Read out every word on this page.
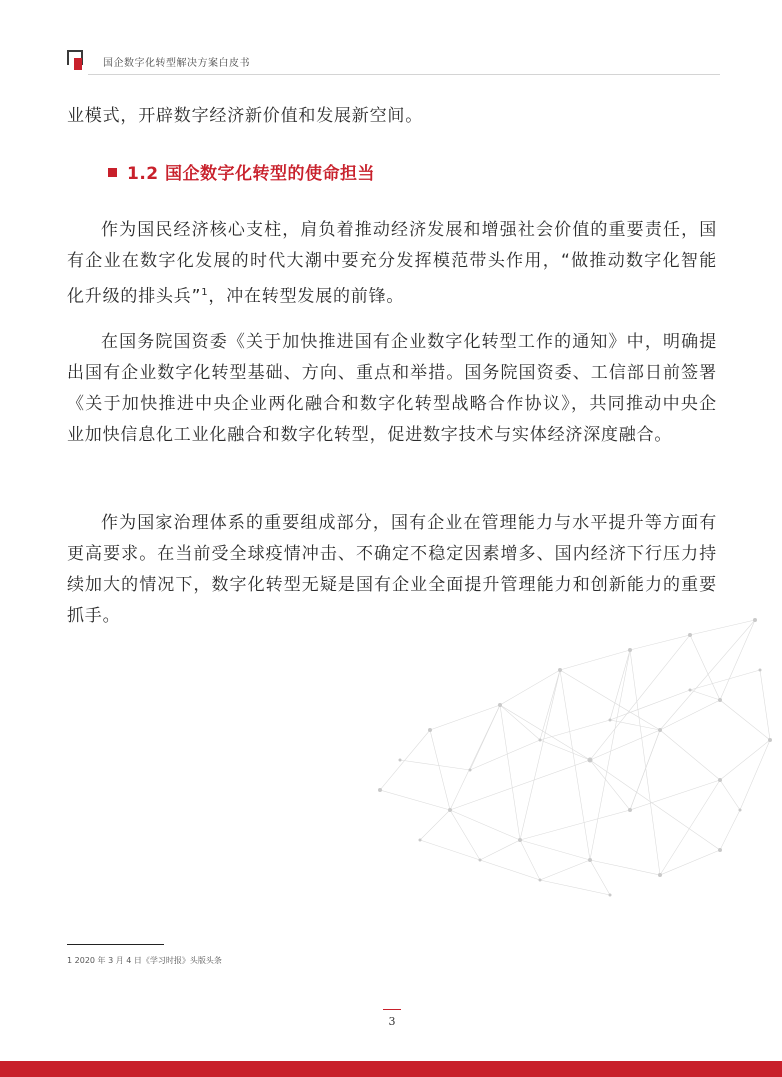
国企数字化转型解决方案白皮书

业模式，开辟数字经济新价值和发展新空间。

1.2 国企数字化转型的使命担当

作为国民经济核心支柱，肩负着推动经济发展和增强社会价值的重要责任，国有企业在数字化发展的时代大潮中要充分发挥模范带头作用，“做推动数字化智能化升级的排头兵”$^1$，冲在转型发展的前锋。

在国务院国资委《关于加快推进国有企业数字化转型工作的通知》中，明确提出国有企业数字化转型基础、方向、重点和举措。国务院国资委、工信部日前签署《关于加快推进中央企业两化融合和数字化转型战略合作协议》，共同推动中央企业加快信息化工业化融合和数字化转型，促进数字技术与实体经济深度融合。

作为国家治理体系的重要组成部分，国有企业在管理能力与水平提升等方面有更高要求。在当前受全球疫情冲击、不确定不稳定因素增多、国内经济下行压力持续加大的情况下，数字化转型无疑是国有企业全面提升管理能力和创新能力的重要抓手。

1 2020 年 3 月 4 日《学习时报》头版头条
3
